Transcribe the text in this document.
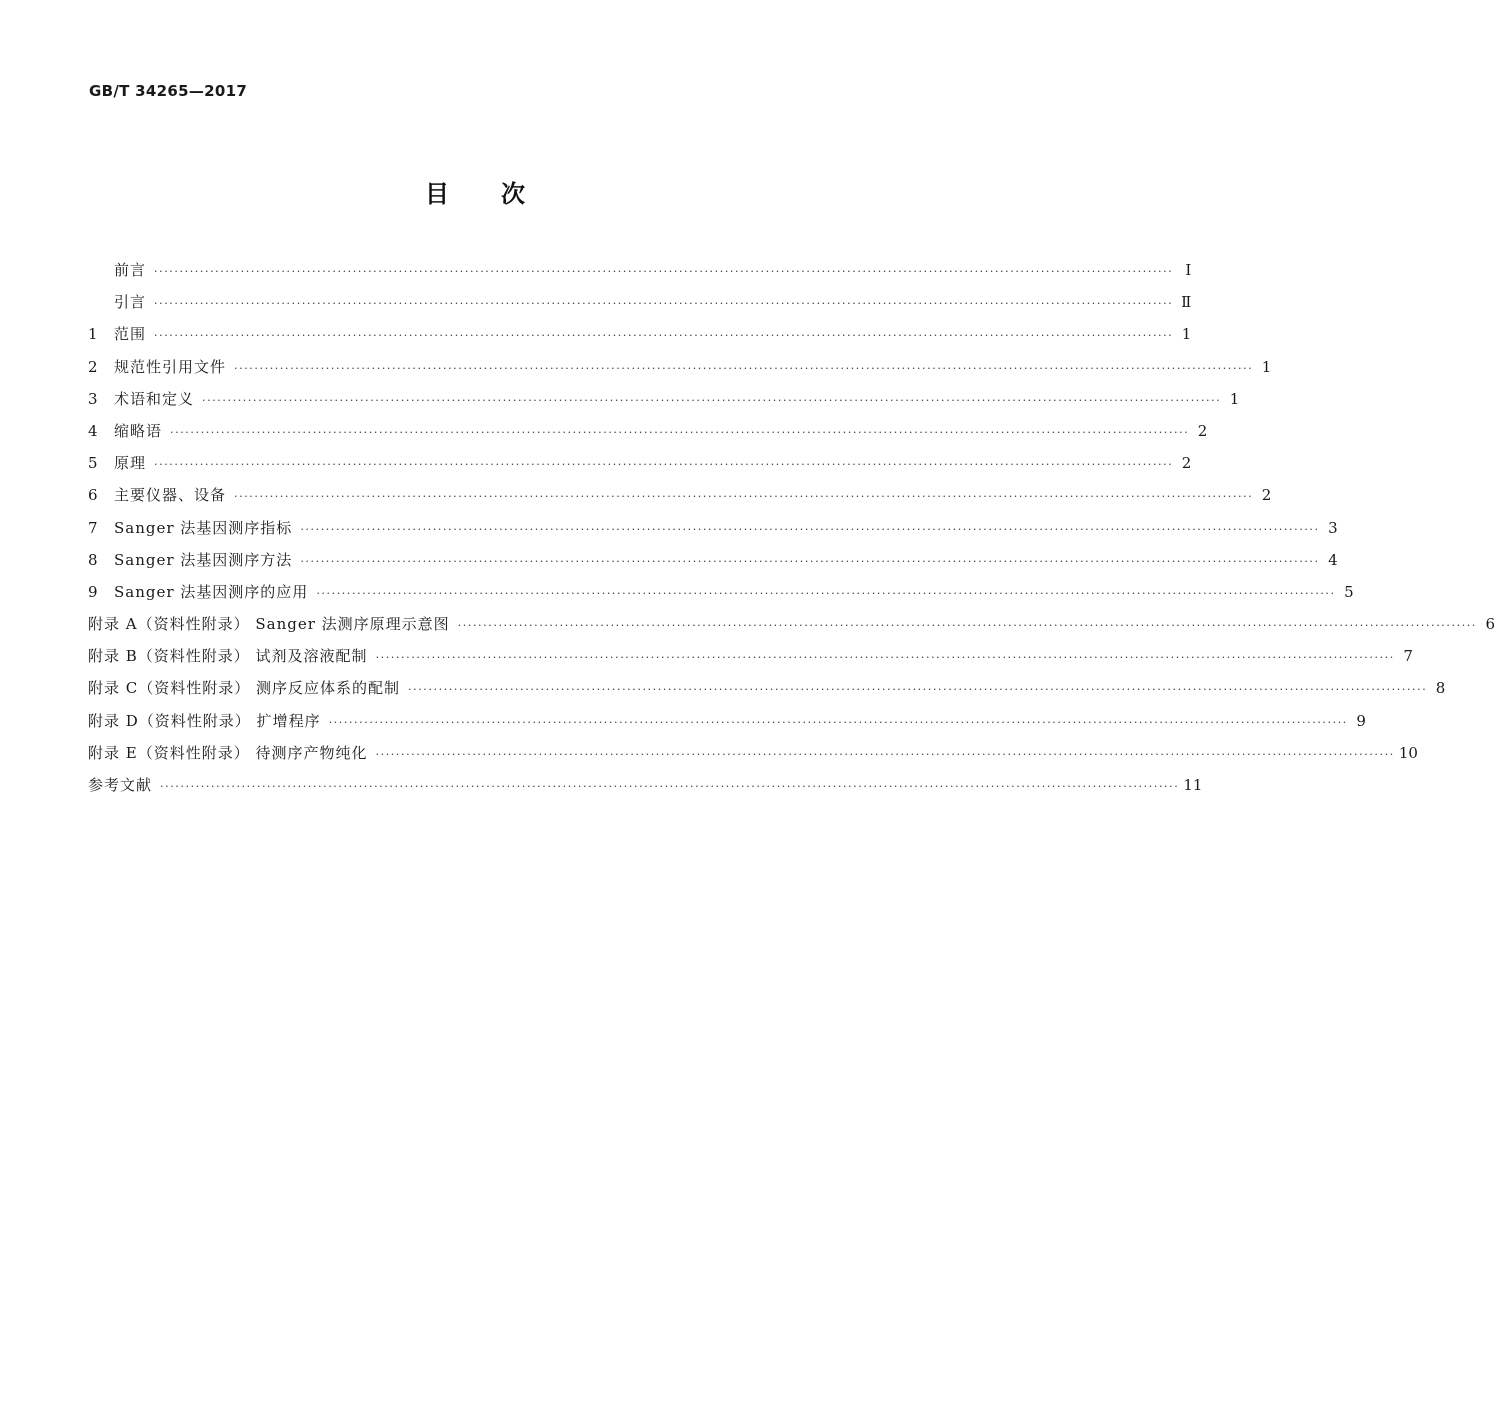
GB/T 34265—2017
目次
前言 ········································································································································································································ Ⅰ
引言 ········································································································································································································ Ⅱ
1 范围 ········································································································································································································ 1
2 规范性引用文件 ········································································································································································································ 1
3 术语和定义 ········································································································································································································ 1
4 缩略语 ········································································································································································································ 2
5 原理 ········································································································································································································ 2
6 主要仪器、设备 ········································································································································································································ 2
7 Sanger 法基因测序指标 ········································································································································································································ 3
8 Sanger 法基因测序方法 ········································································································································································································ 4
9 Sanger 法基因测序的应用 ········································································································································································································ 5
附录 A（资料性附录） Sanger 法测序原理示意图 ········································································································································································································ 6
附录 B（资料性附录） 试剂及溶液配制 ········································································································································································································ 7
附录 C（资料性附录） 测序反应体系的配制 ········································································································································································································ 8
附录 D（资料性附录） 扩增程序 ········································································································································································································ 9
附录 E（资料性附录） 待测序产物纯化 ········································································································································································································ 10
参考文献 ········································································································································································································ 11
